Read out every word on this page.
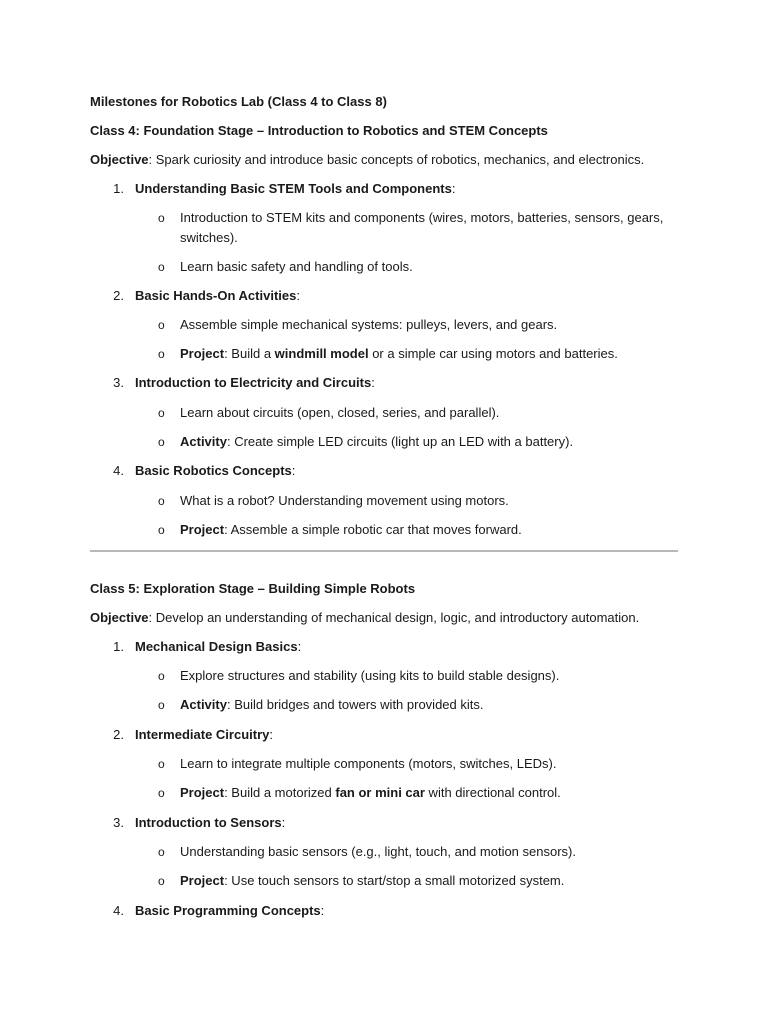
Milestones for Robotics Lab (Class 4 to Class 8)
Class 4: Foundation Stage – Introduction to Robotics and STEM Concepts
Objective: Spark curiosity and introduce basic concepts of robotics, mechanics, and electronics.
1. Understanding Basic STEM Tools and Components:
o Introduction to STEM kits and components (wires, motors, batteries, sensors, gears,
switches).
o Learn basic safety and handling of tools.
2. Basic Hands-On Activities:
o Assemble simple mechanical systems: pulleys, levers, and gears.
o Project: Build a windmill model or a simple car using motors and batteries.
3. Introduction to Electricity and Circuits:
o Learn about circuits (open, closed, series, and parallel).
o Activity: Create simple LED circuits (light up an LED with a battery).
4. Basic Robotics Concepts:
o What is a robot? Understanding movement using motors.
o Project: Assemble a simple robotic car that moves forward.
Class 5: Exploration Stage – Building Simple Robots
Objective: Develop an understanding of mechanical design, logic, and introductory automation.
1. Mechanical Design Basics:
o Explore structures and stability (using kits to build stable designs).
o Activity: Build bridges and towers with provided kits.
2. Intermediate Circuitry:
o Learn to integrate multiple components (motors, switches, LEDs).
o Project: Build a motorized fan or mini car with directional control.
3. Introduction to Sensors:
o Understanding basic sensors (e.g., light, touch, and motion sensors).
o Project: Use touch sensors to start/stop a small motorized system.
4. Basic Programming Concepts:
